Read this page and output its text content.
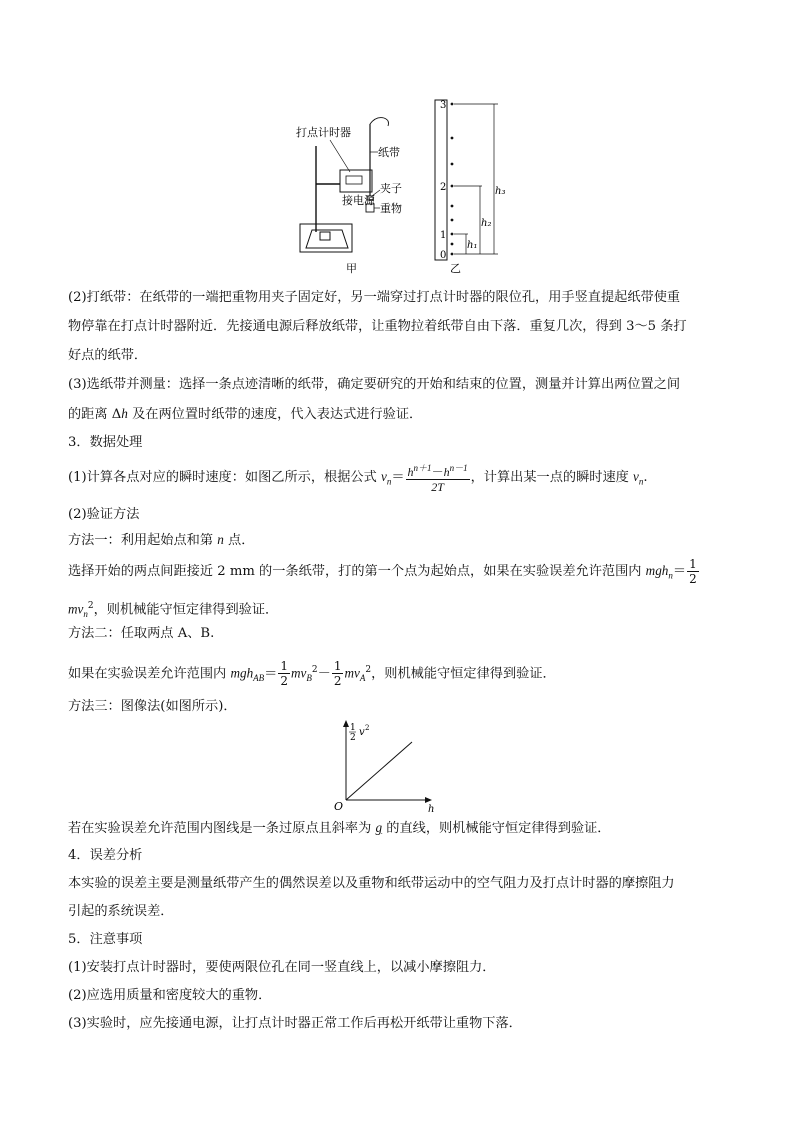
打点计时器
纸带
夹子
接电源
重物
甲
3
2
1
0
h₃
h₂
h₁
乙
(2)打纸带：在纸带的一端把重物用夹子固定好，另一端穿过打点计时器的限位孔，用手竖直提起纸带使重
物停靠在打点计时器附近．先接通电源后释放纸带，让重物拉着纸带自由下落．重复几次，得到 3～5 条打
好点的纸带．
(3)选纸带并测量：选择一条点迹清晰的纸带，确定要研究的开始和结束的位置，测量并计算出两位置之间
的距离 Δh 及在两位置时纸带的速度，代入表达式进行验证．
3．数据处理
(1)计算各点对应的瞬时速度：如图乙所示，根据公式 $v_n= \frac{h^{n+1}-h^{n-1}}{2T}$ ，计算出某一点的瞬时速度 $v_n$.
(2)验证方法
方法一：利用起始点和第 n 点．
选择开始的两点间距接近 2 mm 的一条纸带，打的第一个点为起始点，如果在实验误差允许范围内 $mgh_n= \frac{1}{2}$
$mv_n^2$，则机械能守恒定律得到验证．
方法二：任取两点 A、B.
如果在实验误差允许范围内 $mgh_{AB}= \frac{1}{2} mv_B^2- \frac{1}{2} mv_A^2$，则机械能守恒定律得到验证．
方法三：图像法(如图所示)．
1
2 v 2
O	h
若在实验误差允许范围内图线是一条过原点且斜率为 g 的直线，则机械能守恒定律得到验证．
4．误差分析
本实验的误差主要是测量纸带产生的偶然误差以及重物和纸带运动中的空气阻力及打点计时器的摩擦阻力
引起的系统误差．
5．注意事项
(1)安装打点计时器时，要使两限位孔在同一竖直线上，以减小摩擦阻力．
(2)应选用质量和密度较大的重物．
(3)实验时，应先接通电源，让打点计时器正常工作后再松开纸带让重物下落．
